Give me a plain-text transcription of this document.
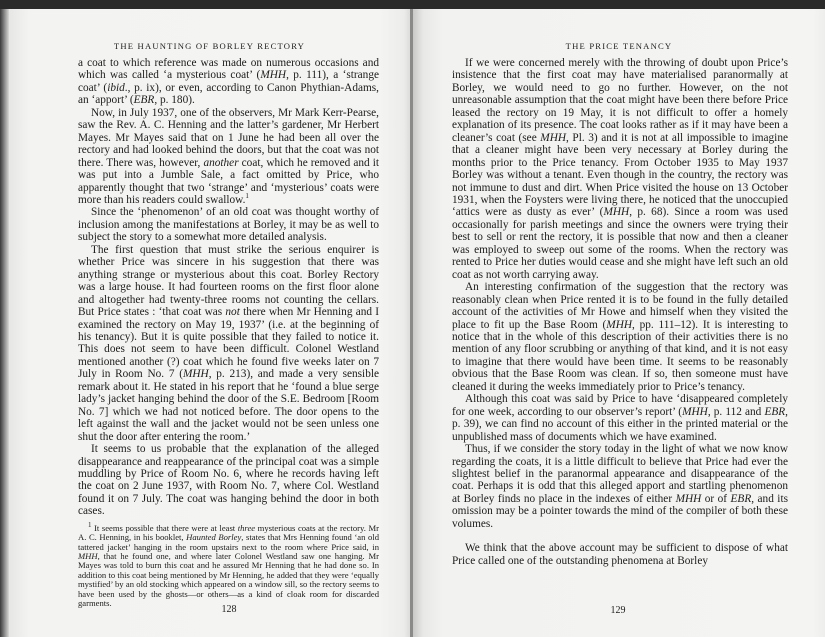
THE HAUNTING OF BORLEY RECTORY

a coat to which reference was made on numerous occasions and which was called ‘a mysterious coat’ (MHH, p. 111), a ‘strange coat’ (ibid., p. ix), or even, according to Canon Phythian-Adams, an ‘apport’ (EBR, p. 180).

Now, in July 1937, one of the observers, Mr Mark Kerr-Pearse, saw the Rev. A. C. Henning and the latter’s gardener, Mr Herbert Mayes. Mr Mayes said that on 1 June he had been all over the rectory and had looked behind the doors, but that the coat was not there. There was, however, another coat, which he removed and it was put into a Jumble Sale, a fact omitted by Price, who apparently thought that two ‘strange’ and ‘mysterious’ coats were more than his readers could swallow.$^1$

Since the ‘phenomenon’ of an old coat was thought worthy of inclusion among the manifestations at Borley, it may be as well to subject the story to a somewhat more detailed analysis.

The first question that must strike the serious enquirer is whether Price was sincere in his suggestion that there was anything strange or mysterious about this coat. Borley Rectory was a large house. It had fourteen rooms on the first floor alone and altogether had twenty-three rooms not counting the cellars. But Price states : ‘that coat was not there when Mr Henning and I examined the rectory on May 19, 1937’ (i.e. at the beginning of his tenancy). But it is quite possible that they failed to notice it. This does not seem to have been difficult. Colonel Westland mentioned another (?) coat which he found five weeks later on 7 July in Room No. 7 (MHH, p. 213), and made a very sensible remark about it. He stated in his report that he ‘found a blue serge lady’s jacket hanging behind the door of the S.E. Bedroom [Room No. 7] which we had not noticed before. The door opens to the left against the wall and the jacket would not be seen unless one shut the door after entering the room.’

It seems to us probable that the explanation of the alleged disappearance and reappearance of the principal coat was a simple muddling by Price of Room No. 6, where he records having left the coat on 2 June 1937, with Room No. 7, where Col. Westland found it on 7 July. The coat was hanging behind the door in both cases.

$^1$ It seems possible that there were at least three mysterious coats at the rectory. Mr A. C. Henning, in his booklet, Haunted Borley, states that Mrs Henning found ‘an old tattered jacket’ hanging in the room upstairs next to the room where Price said, in MHH, that he found one, and where later Colonel Westland saw one hanging. Mr Mayes was told to burn this coat and he assured Mr Henning that he had done so. In addition to this coat being mentioned by Mr Henning, he added that they were ‘equally mystified’ by an old stocking which appeared on a window sill, so the rectory seems to have been used by the ghosts—or others—as a kind of cloak room for discarded garments.

128
THE PRICE TENANCY

If we were concerned merely with the throwing of doubt upon Price’s insistence that the first coat may have materialised paranormally at Borley, we would need to go no further. However, on the not unreasonable assumption that the coat might have been there before Price leased the rectory on 19 May, it is not difficult to offer a homely explanation of its presence. The coat looks rather as if it may have been a cleaner’s coat (see MHH, Pl. 3) and it is not at all impossible to imagine that a cleaner might have been very necessary at Borley during the months prior to the Price tenancy. From October 1935 to May 1937 Borley was without a tenant. Even though in the country, the rectory was not immune to dust and dirt. When Price visited the house on 13 October 1931, when the Foysters were living there, he noticed that the unoccupied ‘attics were as dusty as ever’ (MHH, p. 68). Since a room was used occasionally for parish meetings and since the owners were trying their best to sell or rent the rectory, it is possible that now and then a cleaner was employed to sweep out some of the rooms. When the rectory was rented to Price her duties would cease and she might have left such an old coat as not worth carrying away.

An interesting confirmation of the suggestion that the rectory was reasonably clean when Price rented it is to be found in the fully detailed account of the activities of Mr Howe and himself when they visited the place to fit up the Base Room (MHH, pp. 111–12). It is interesting to notice that in the whole of this description of their activities there is no mention of any floor scrubbing or anything of that kind, and it is not easy to imagine that there would have been time. It seems to be reasonably obvious that the Base Room was clean. If so, then someone must have cleaned it during the weeks immediately prior to Price’s tenancy.

Although this coat was said by Price to have ‘disappeared completely for one week, according to our observer’s report’ (MHH, p. 112 and EBR, p. 39), we can find no account of this either in the printed material or the unpublished mass of documents which we have examined.

Thus, if we consider the story today in the light of what we now know regarding the coats, it is a little difficult to believe that Price had ever the slightest belief in the paranormal appearance and disappearance of the coat. Perhaps it is odd that this alleged apport and startling phenomenon at Borley finds no place in the indexes of either MHH or of EBR, and its omission may be a pointer towards the mind of the compiler of both these volumes.

We think that the above account may be sufficient to dispose of what Price called one of the outstanding phenomena at Borley

129
